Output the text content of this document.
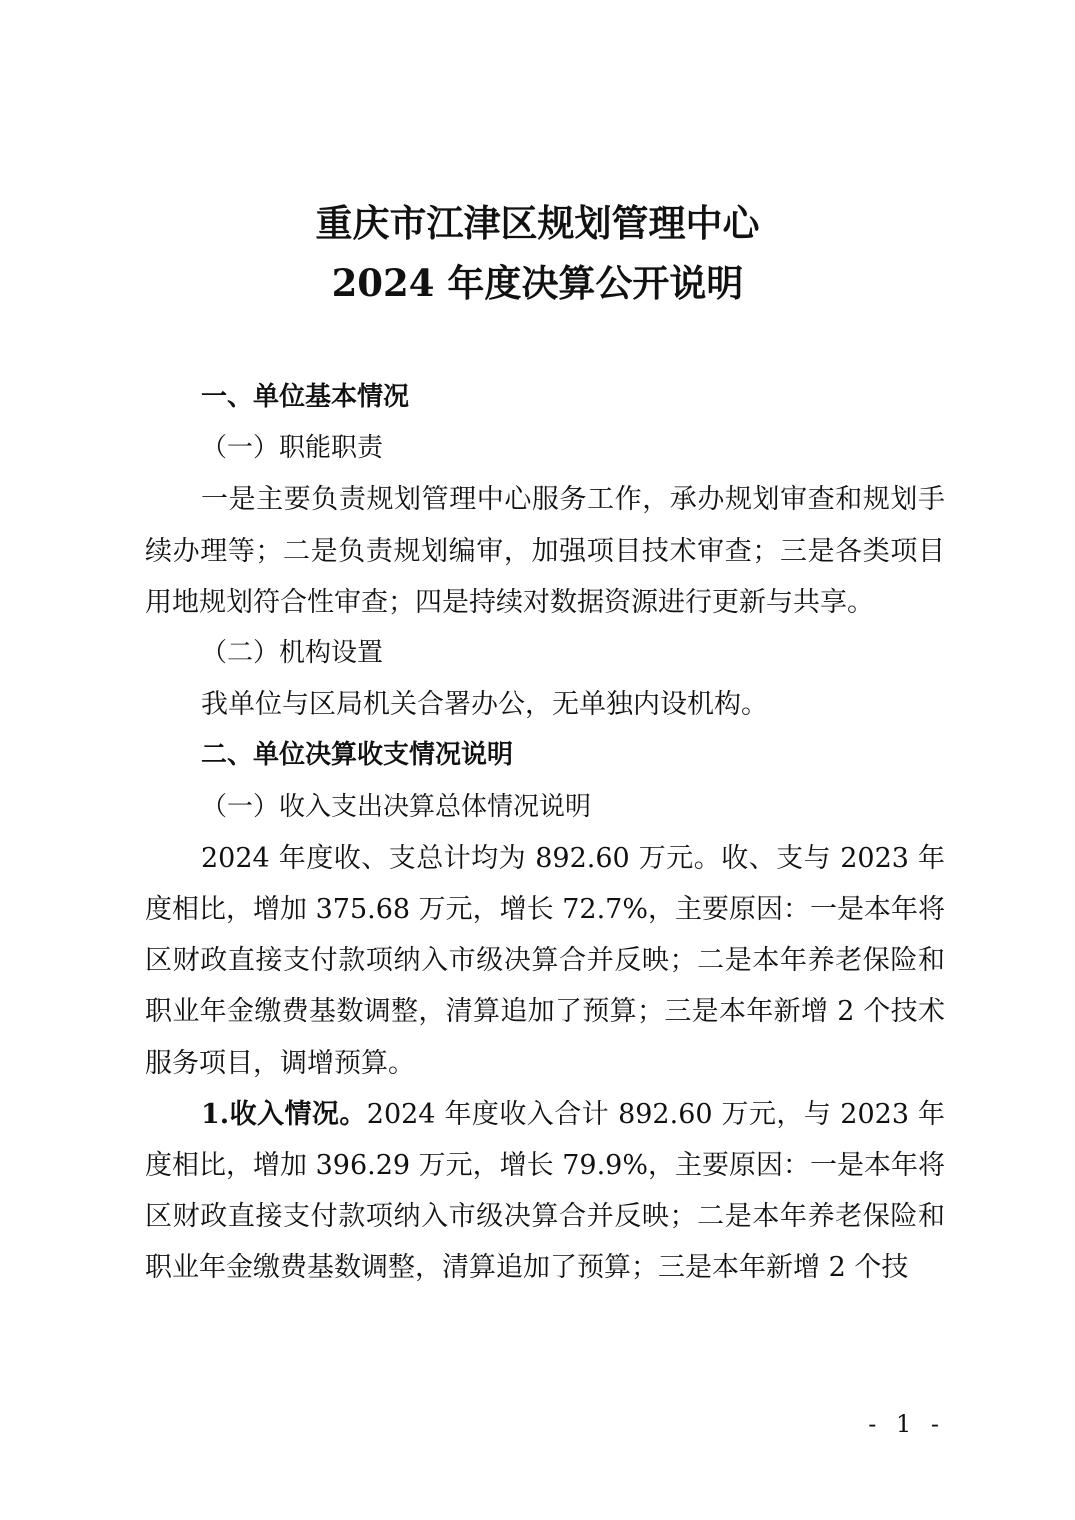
重庆市江津区规划管理中心
2024 年度决算公开说明

一、单位基本情况

（一）职能职责

一是主要负责规划管理中心服务工作，承办规划审查和规划手续办理等；二是负责规划编审，加强项目技术审查；三是各类项目用地规划符合性审查；四是持续对数据资源进行更新与共享。

（二）机构设置

我单位与区局机关合署办公，无单独内设机构。

二、单位决算收支情况说明

（一）收入支出决算总体情况说明

2024 年度收、支总计均为 892.60 万元。收、支与 2023 年度相比，增加 375.68 万元，增长 72.7%，主要原因：一是本年将区财政直接支付款项纳入市级决算合并反映；二是本年养老保险和职业年金缴费基数调整，清算追加了预算；三是本年新增 2 个技术服务项目，调增预算。

1.收入情况。2024 年度收入合计 892.60 万元，与 2023 年度相比，增加 396.29 万元，增长 79.9%，主要原因：一是本年将区财政直接支付款项纳入市级决算合并反映；二是本年养老保险和职业年金缴费基数调整，清算追加了预算；三是本年新增 2 个技

- 1 -
